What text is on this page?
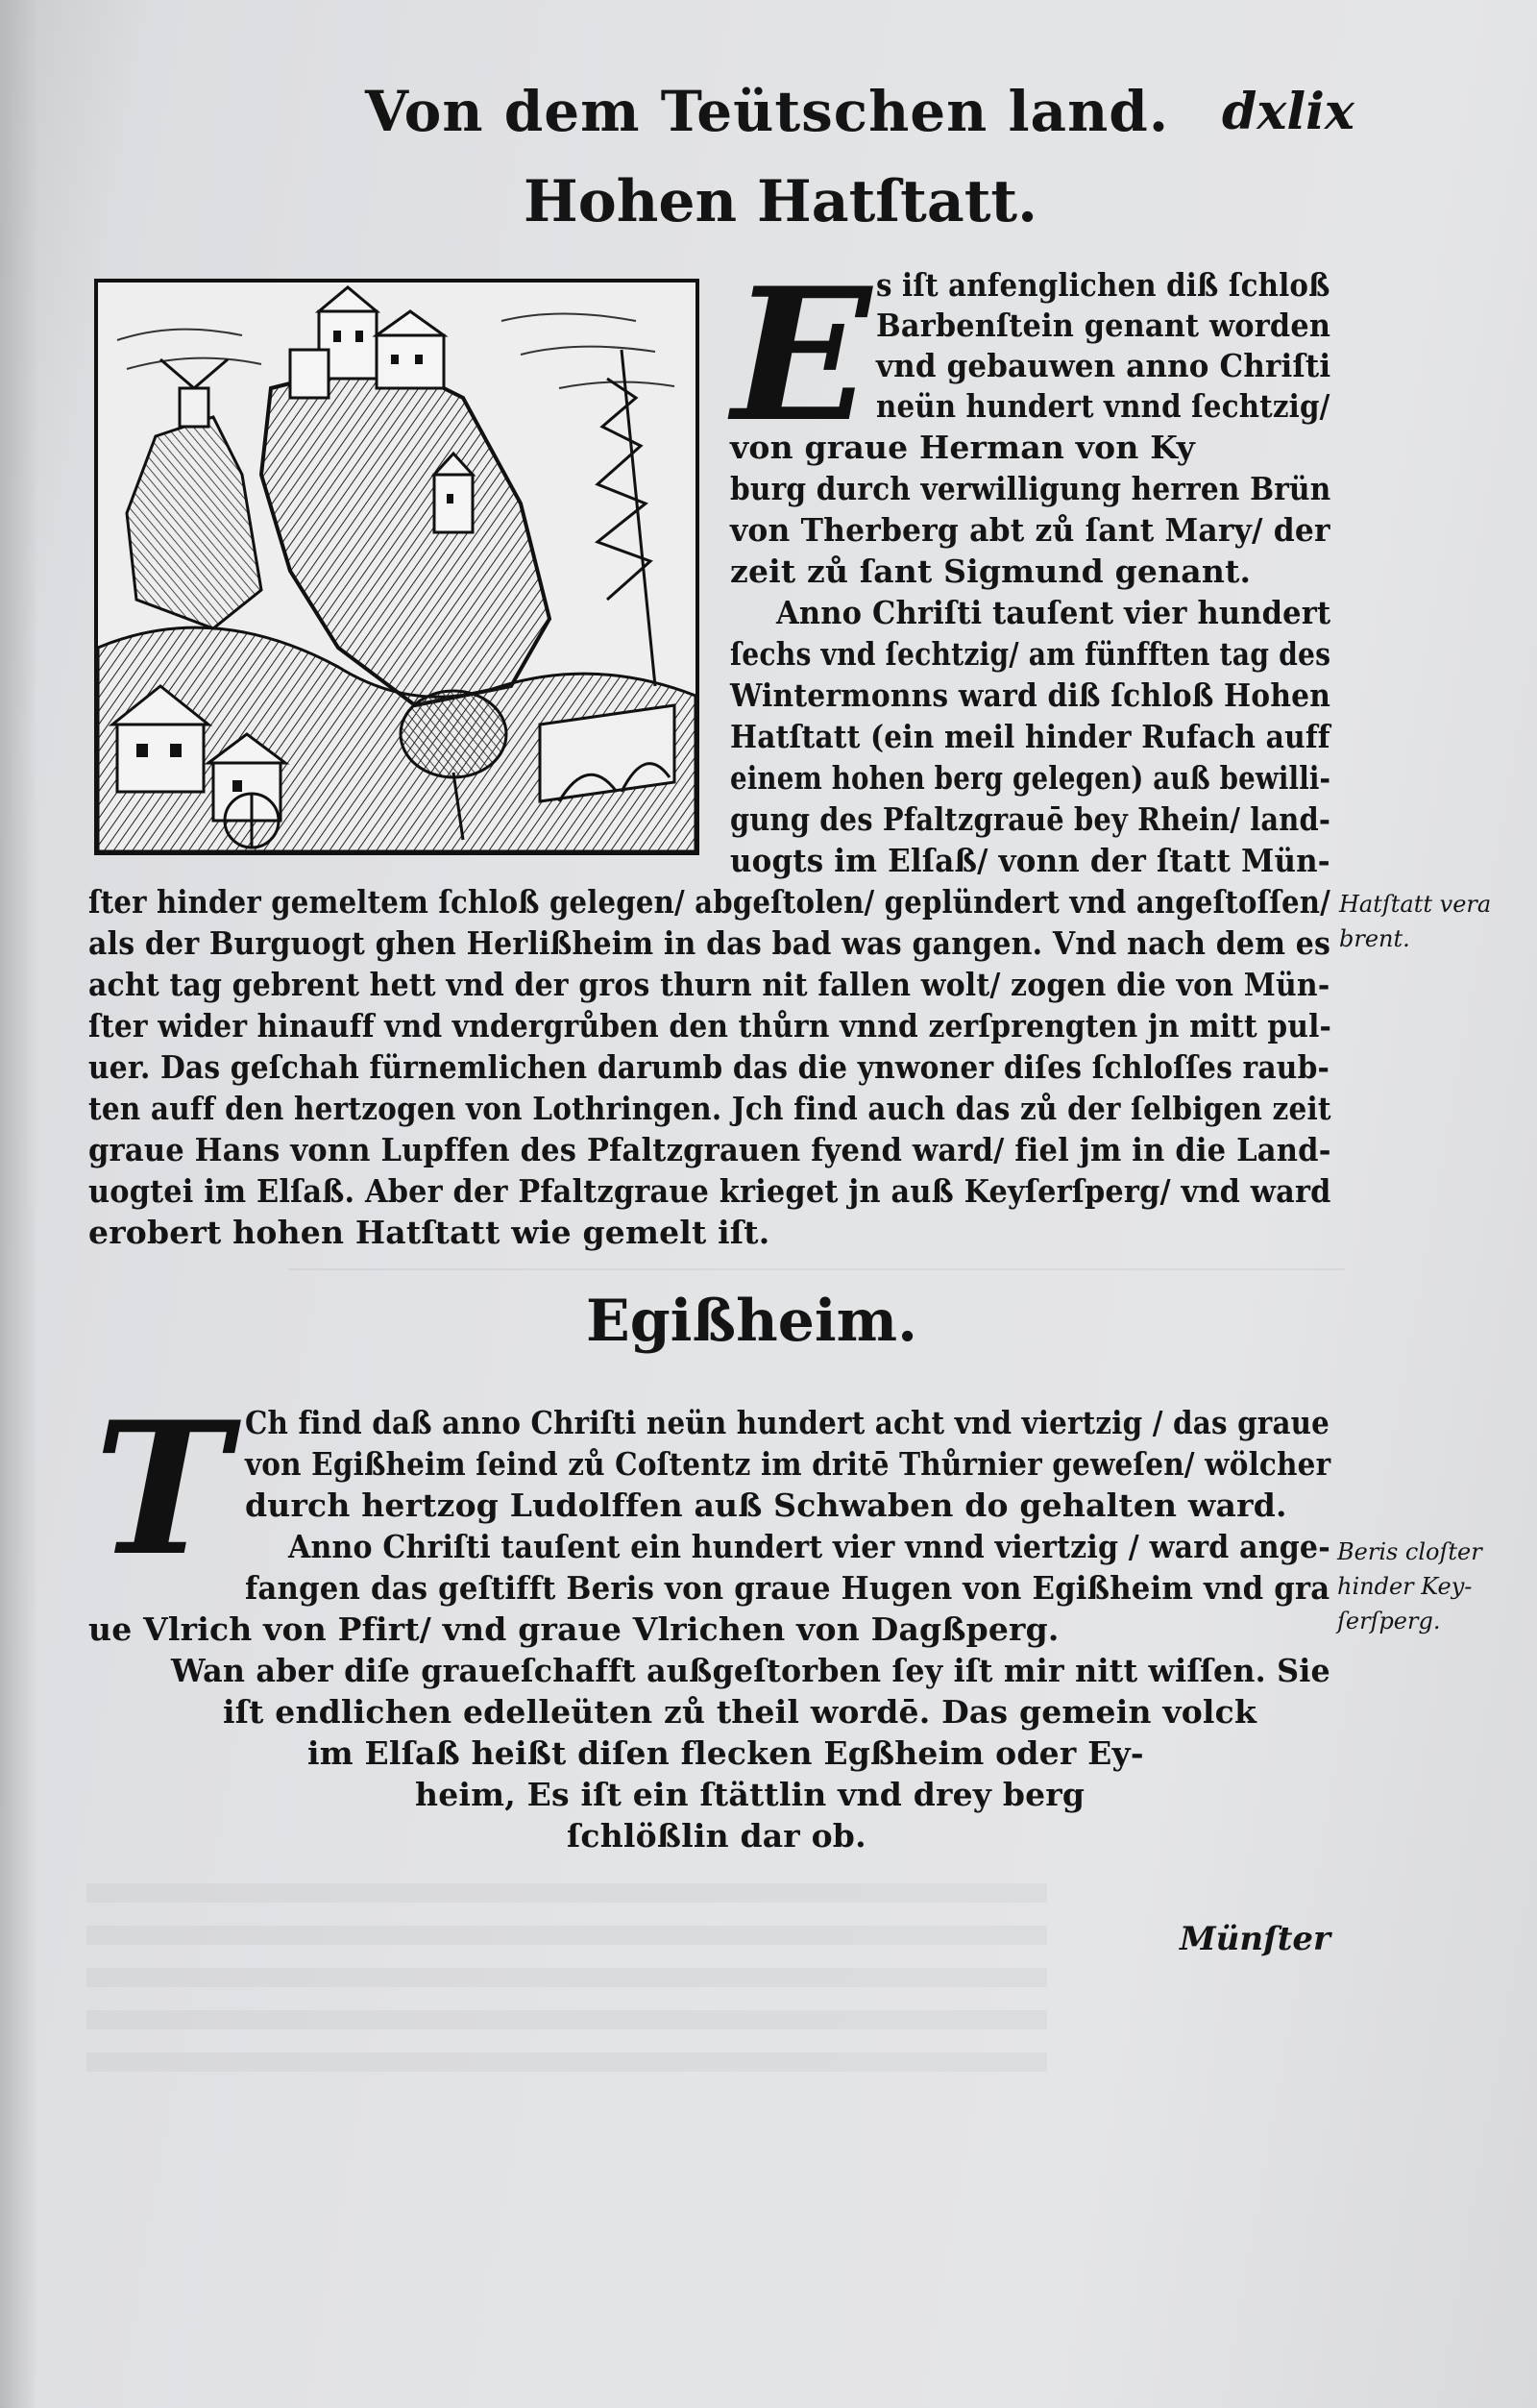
Von dem Teütschen land. dxlix
Hohen Hatſtatt.
E s iſt anfenglichen diß ſchloß
Barbenſtein genant worden
vnd gebauwen anno Chriſti
neün hundert vnnd ſechtzig/
von graue Herman von Ky
burg durch verwilligung herren Brün
von Therberg abt zů ſant Mary/ der
zeit zů ſant Sigmund genant.
Anno Chriſti tauſent vier hundert
ſechs vnd ſechtzig/ am fünfften tag des
Wintermonns ward diß ſchloß Hohen
Hatſtatt (ein meil hinder Rufach auff
einem hohen berg gelegen) auß bewilli-
gung des Pfaltzgrauē bey Rhein/ land-
uogts im Elſaß/ vonn der ſtatt Mün-
ſter hinder gemeltem ſchloß gelegen/ abgeſtolen/ geplündert vnd angeſtoſſen/
als der Burguogt ghen Herlißheim in das bad was gangen. Vnd nach dem es
acht tag gebrent hett vnd der gros thurn nit fallen wolt/ zogen die von Mün-
ſter wider hinauff vnd vndergrůben den thůrn vnnd zerſprengten jn mitt pul-
uer. Das geſchah fürnemlichen darumb das die ynwoner diſes ſchloſſes raub-
ten auff den hertzogen von Lothringen. Jch find auch das zů der ſelbigen zeit
graue Hans vonn Lupffen des Pfaltzgrauen fyend ward/ fiel jm in die Land-
uogtei im Elſaß. Aber der Pfaltzgraue krieget jn auß Keyſerſperg/ vnd ward
erobert hohen Hatſtatt wie gemelt iſt.
Hatſtatt vera
brent.
Egißheim.
T Ch find daß anno Chriſti neün hundert acht vnd viertzig / das graue
von Egißheim ſeind zů Coſtentz im dritē Thůrnier geweſen/ wölcher
durch hertzog Ludolffen auß Schwaben do gehalten ward.
Anno Chriſti tauſent ein hundert vier vnnd viertzig / ward ange-
fangen das geſtifft Beris von graue Hugen von Egißheim vnd gra
ue Vlrich von Pfirt/ vnd graue Vlrichen von Dagßperg.
Wan aber diſe graueſchafft außgeſtorben ſey iſt mir nitt wiſſen. Sie
iſt endlichen edelleüten zů theil wordē. Das gemein volck
im Elſaß heißt diſen flecken Egßheim oder Ey-
heim, Es iſt ein ſtättlin vnd drey berg
ſchlößlin dar ob.
Beris cloſter
hinder Key-
ſerſperg.
Münſter
